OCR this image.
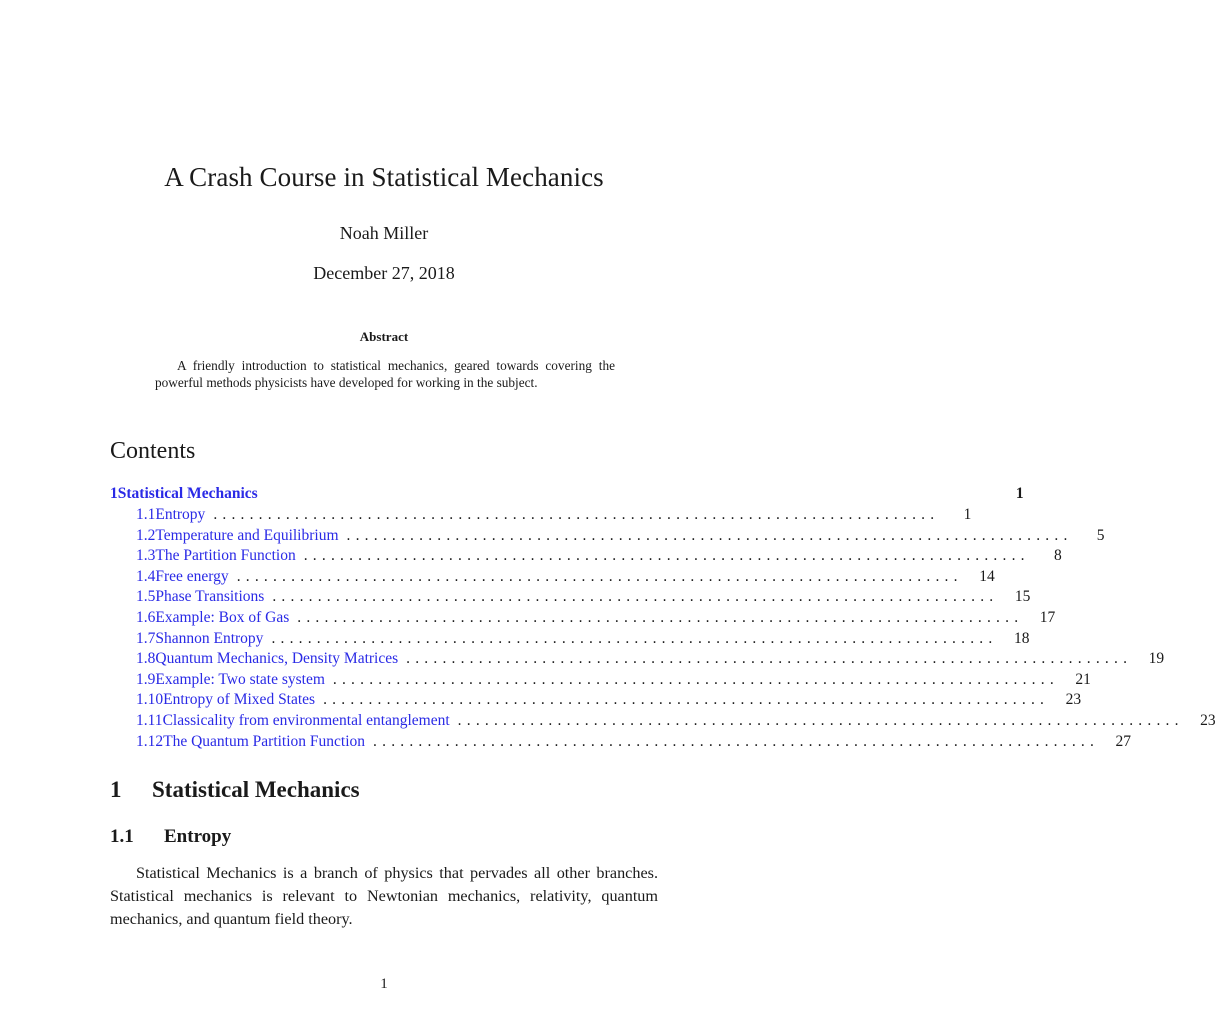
A Crash Course in Statistical Mechanics
Noah Miller
December 27, 2018
Abstract

A friendly introduction to statistical mechanics, geared towards covering the powerful methods physicists have developed for working in the subject.

Contents
1 Statistical Mechanics	1
1.1 Entropy ................................................................................	1
1.2 Temperature and Equilibrium ................................................................................	5
1.3 The Partition Function ................................................................................	8
1.4 Free energy ................................................................................	14
1.5 Phase Transitions ................................................................................	15
1.6 Example: Box of Gas ................................................................................	17
1.7 Shannon Entropy ................................................................................	18
1.8 Quantum Mechanics, Density Matrices ................................................................................	19
1.9 Example: Two state system ................................................................................	21
1.10 Entropy of Mixed States ................................................................................	23
1.11 Classicality from environmental entanglement ................................................................................	23
1.12 The Quantum Partition Function ................................................................................	27
1 Statistical Mechanics
1.1 Entropy

Statistical Mechanics is a branch of physics that pervades all other branches. Statistical mechanics is relevant to Newtonian mechanics, relativity, quantum mechanics, and quantum field theory.

1
